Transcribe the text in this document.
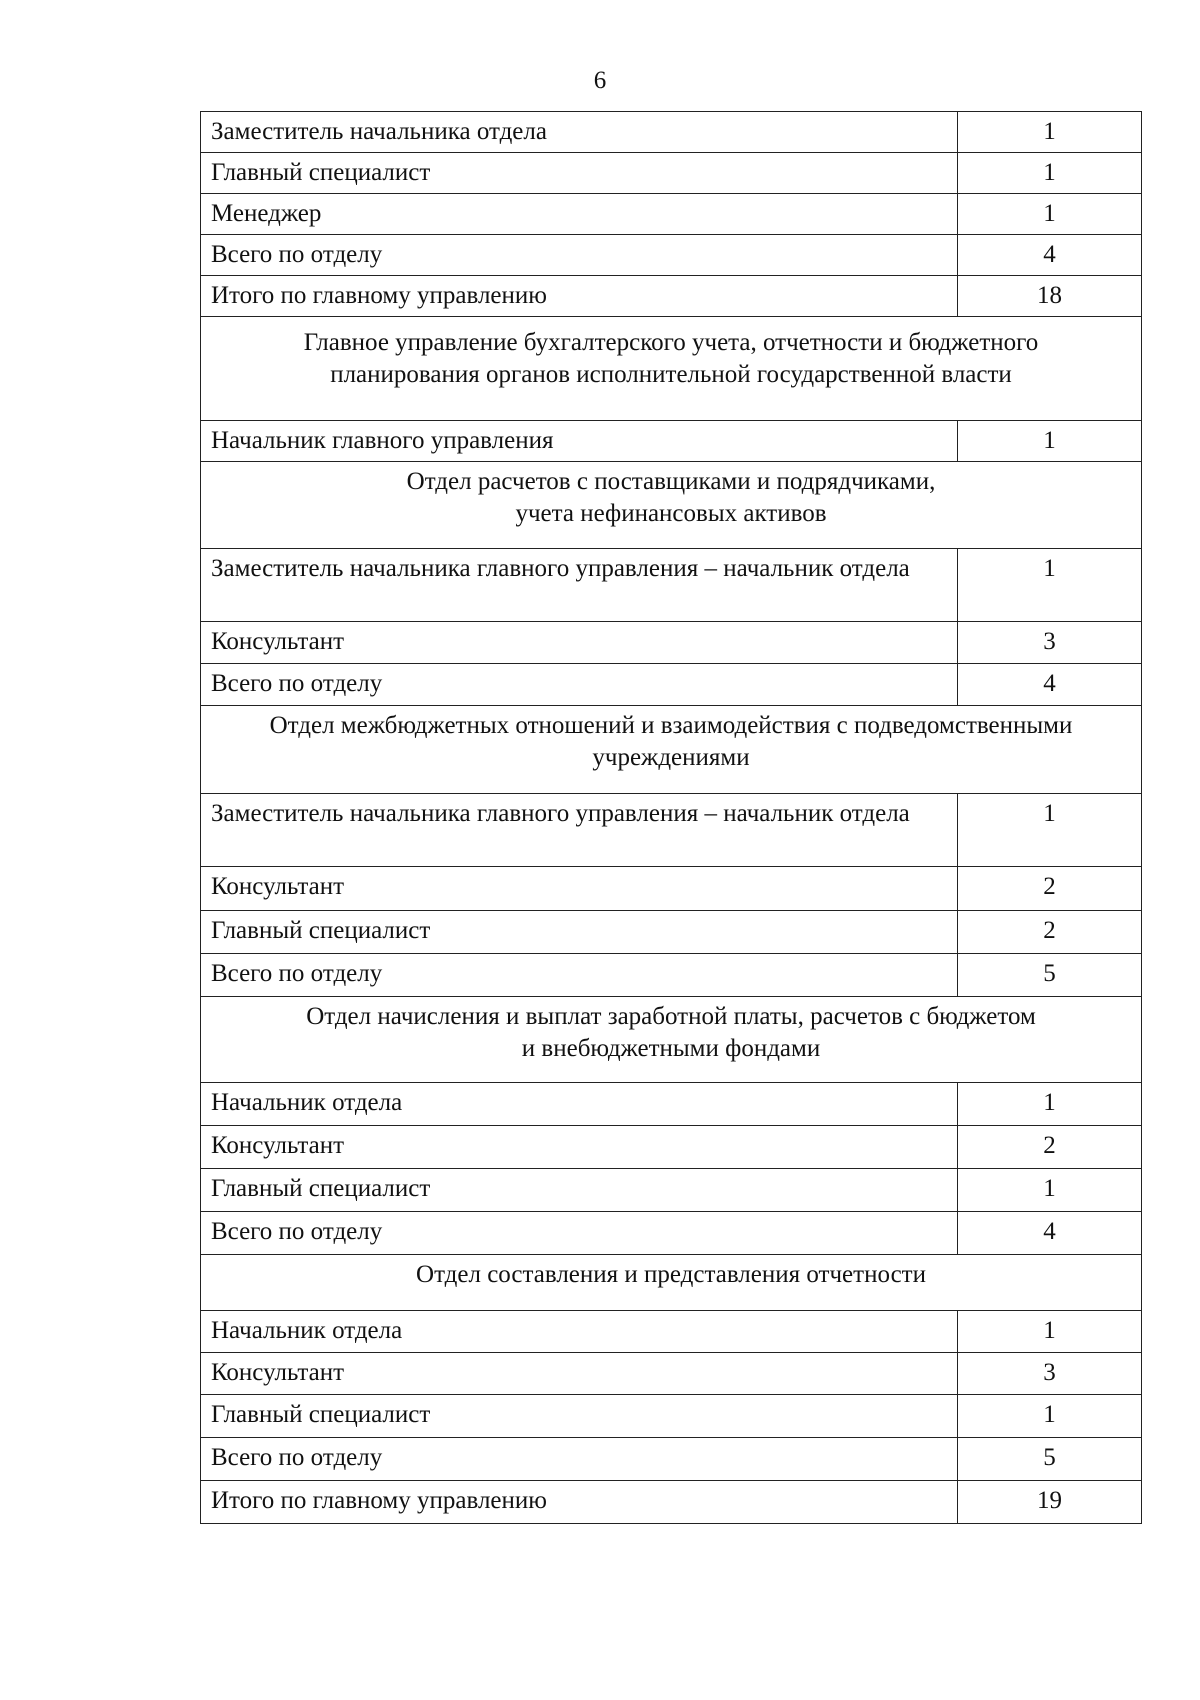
6
Заместитель начальника отдела	1
Главный специалист	1
Менеджер	1
Всего по отделу	4
Итого по главному управлению	18

Главное управление бухгалтерского учета, отчетности и бюджетного
планирования органов исполнительной государственной власти	

Начальник главного управления	1

Отдел расчетов с поставщиками и подрядчиками,
учета нефинансовых активов	

Заместитель начальника главного управления – начальник отдела	1
Консультант	3
Всего по отделу	4

Отдел межбюджетных отношений и взаимодействия с подведомственными
учреждениями	

Заместитель начальника главного управления – начальник отдела	1
Консультант	2
Главный специалист	2
Всего по отделу	5

Отдел начисления и выплат заработной платы, расчетов с бюджетом
и внебюджетными фондами	

Начальник отдела	1
Консультант	2
Главный специалист	1
Всего по отделу	4

Отдел составления и представления отчетности	

Начальник отдела	1
Консультант	3
Главный специалист	1
Всего по отделу	5
Итого по главному управлению	19
